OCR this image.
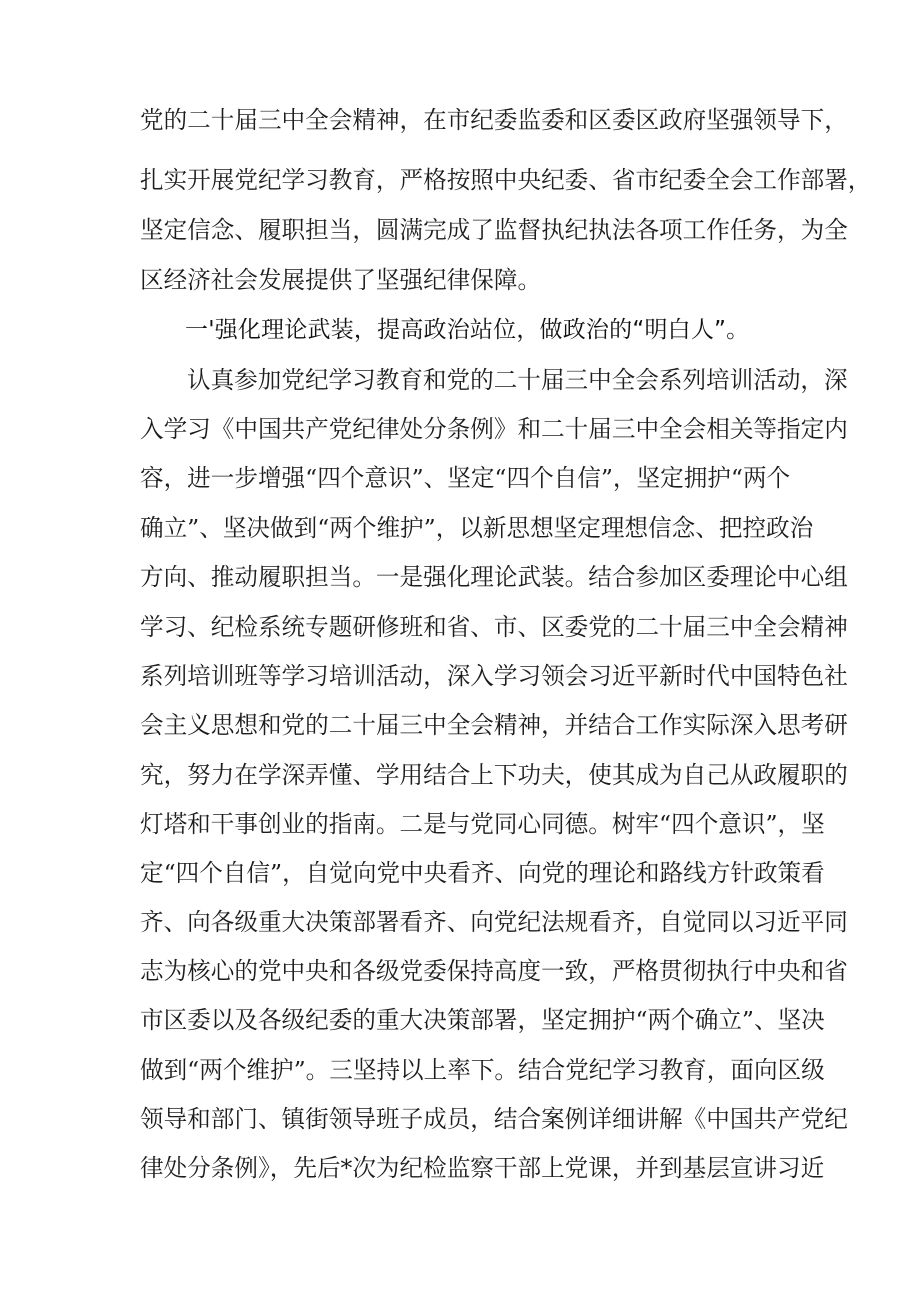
党的二十届三中全会精神，在市纪委监委和区委区政府坚强领导下，
扎实开展党纪学习教育，严格按照中央纪委、省市纪委全会工作部署，
坚定信念、履职担当，圆满完成了监督执纪执法各项工作任务，为全
区经济社会发展提供了坚强纪律保障。
一'强化理论武装，提高政治站位，做政治的“明白人”。
认真参加党纪学习教育和党的二十届三中全会系列培训活动，深
入学习《中国共产党纪律处分条例》和二十届三中全会相关等指定内
容，进一步增强“四个意识”、坚定“四个自信”，坚定拥护“两个
确立”、坚决做到“两个维护”，以新思想坚定理想信念、把控政治
方向、推动履职担当。一是强化理论武装。结合参加区委理论中心组
学习、纪检系统专题研修班和省、市、区委党的二十届三中全会精神
系列培训班等学习培训活动，深入学习领会习近平新时代中国特色社
会主义思想和党的二十届三中全会精神，并结合工作实际深入思考研
究，努力在学深弄懂、学用结合上下功夫，使其成为自己从政履职的
灯塔和干事创业的指南。二是与党同心同德。树牢“四个意识”，坚
定“四个自信”，自觉向党中央看齐、向党的理论和路线方针政策看
齐、向各级重大决策部署看齐、向党纪法规看齐，自觉同以习近平同
志为核心的党中央和各级党委保持高度一致，严格贯彻执行中央和省
市区委以及各级纪委的重大决策部署，坚定拥护“两个确立”、坚决
做到“两个维护”。三坚持以上率下。结合党纪学习教育，面向区级
领导和部门、镇街领导班子成员，结合案例详细讲解《中国共产党纪
律处分条例》，先后*次为纪检监察干部上党课，并到基层宣讲习近
